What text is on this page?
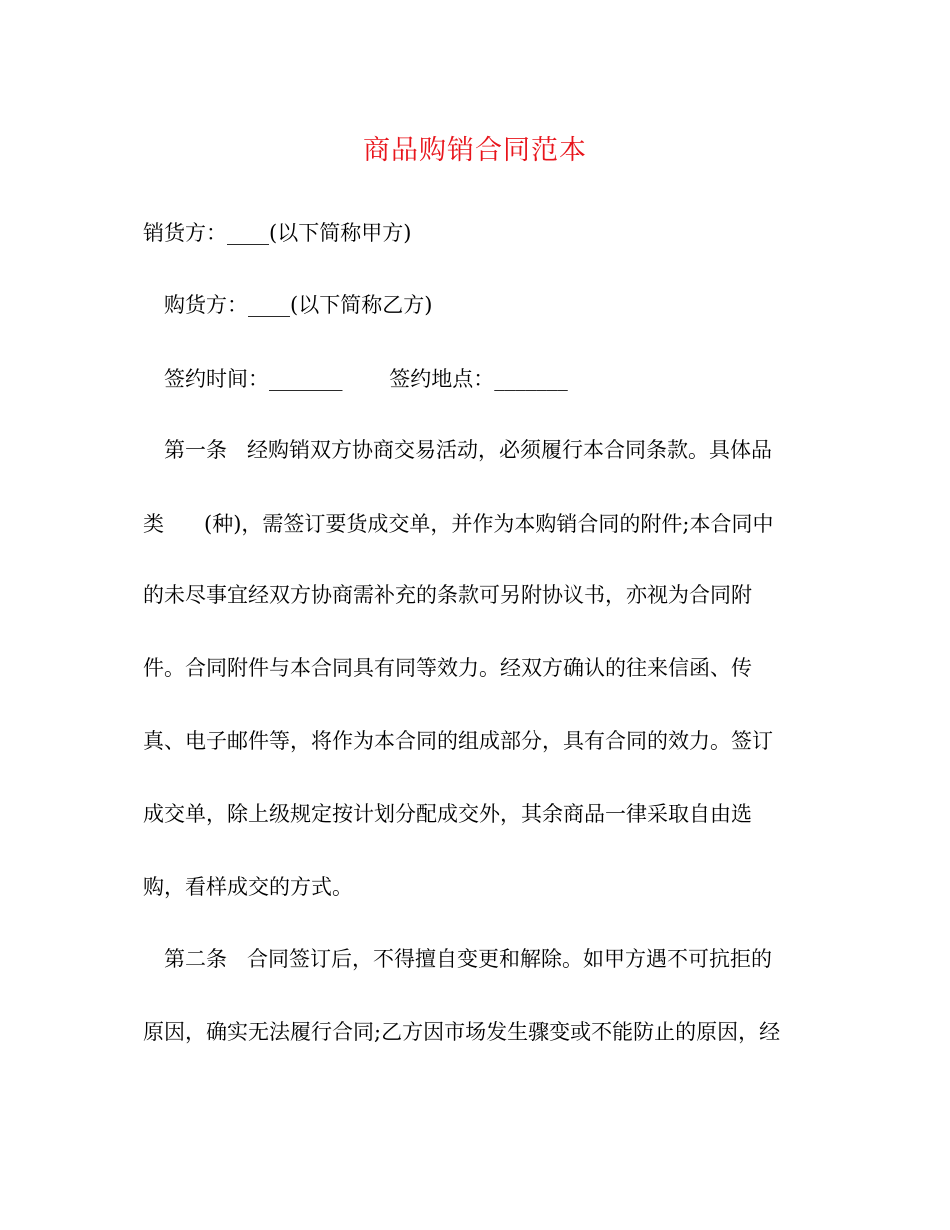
商品购销合同范本
销货方：____(以下简称甲方)
购货方：____(以下简称乙方)
签约时间：_______       签约地点：_______
第一条   经购销双方协商交易活动，必须履行本合同条款。具体品
类      (种)，需签订要货成交单，并作为本购销合同的附件;本合同中
的未尽事宜经双方协商需补充的条款可另附协议书，亦视为合同附
件。合同附件与本合同具有同等效力。经双方确认的往来信函、传
真、电子邮件等，将作为本合同的组成部分，具有合同的效力。签订
成交单，除上级规定按计划分配成交外，其余商品一律采取自由选
购，看样成交的方式。
第二条   合同签订后，不得擅自变更和解除。如甲方遇不可抗拒的
原因，确实无法履行合同;乙方因市场发生骤变或不能防止的原因，经
